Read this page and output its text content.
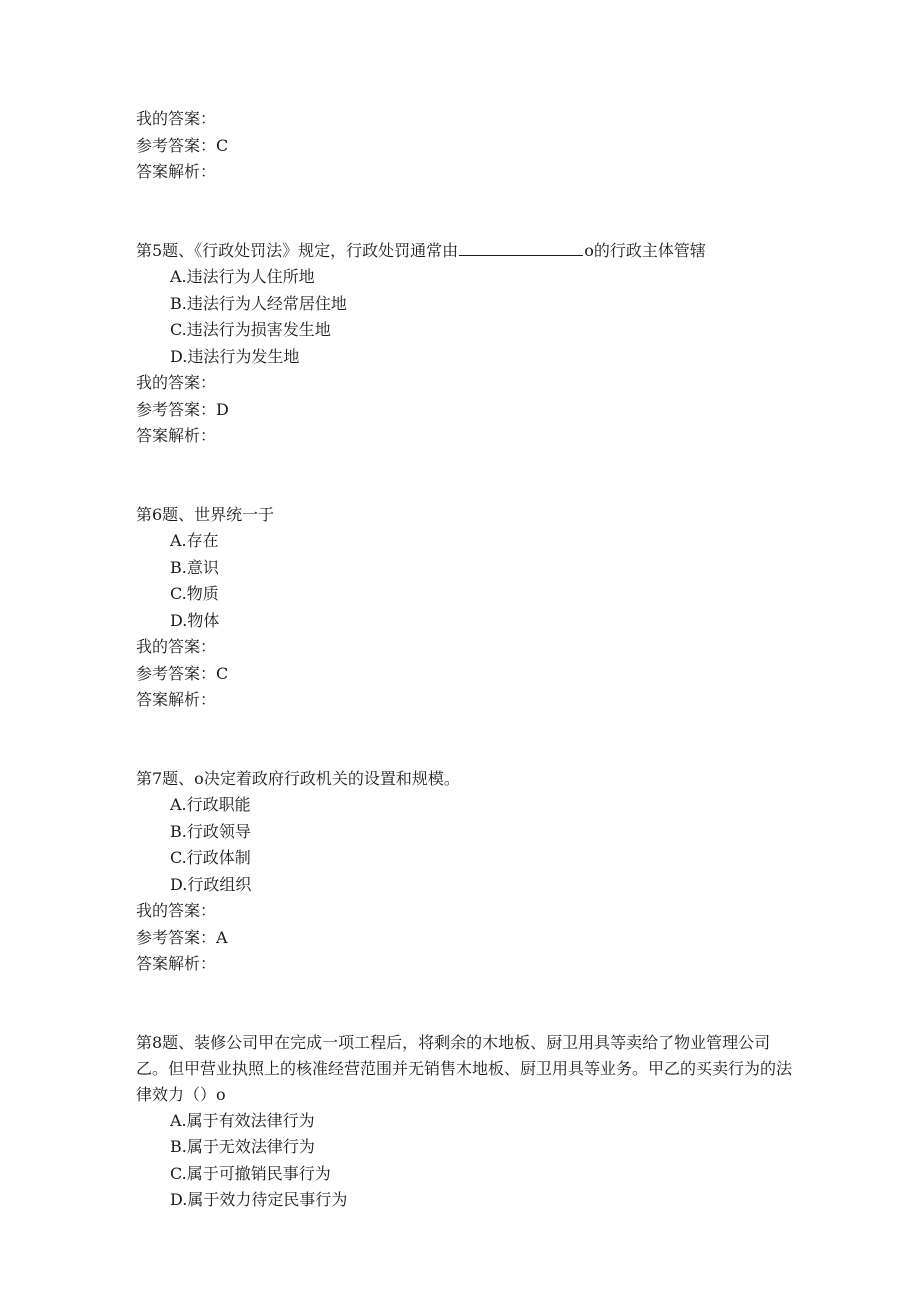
我的答案：
参考答案：C
答案解析：
第5题、《行政处罚法》规定，行政处罚通常由	o的行政主体管辖
A.违法行为人住所地
B.违法行为人经常居住地
C.违法行为损害发生地
D.违法行为发生地
我的答案：
参考答案：D
答案解析：
第6题、世界统一于
A.存在
B.意识
C.物质
D.物体
我的答案：
参考答案：C
答案解析：
第7题、o决定着政府行政机关的设置和规模。
A.行政职能
B.行政领导
C.行政体制
D.行政组织
我的答案：
参考答案：A
答案解析：
第8题、装修公司甲在完成一项工程后，将剩余的木地板、厨卫用具等卖给了物业管理公司乙。但甲营业执照上的核准经营范围并无销售木地板、厨卫用具等业务。甲乙的买卖行为的法律效力（）o
A.属于有效法律行为
B.属于无效法律行为
C.属于可撤销民事行为
D.属于效力待定民事行为
